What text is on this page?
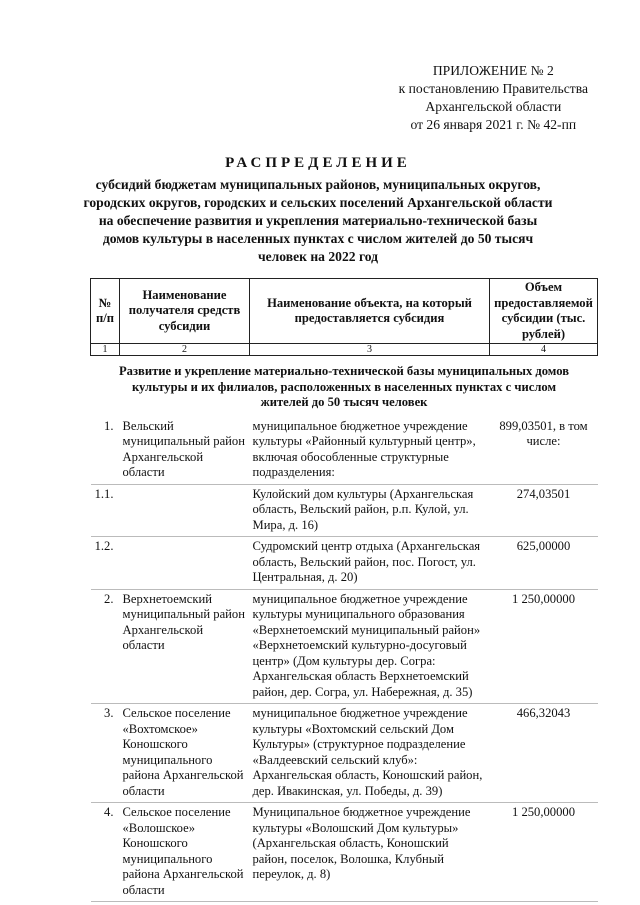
ПРИЛОЖЕНИЕ № 2
к постановлению Правительства
Архангельской области
от 26 января 2021 г. № 42-пп
РАСПРЕДЕЛЕНИЕ
субсидий бюджетам муниципальных районов, муниципальных округов, городских округов, городских и сельских поселений Архангельской области на обеспечение развития и укрепления материально-технической базы домов культуры в населенных пунктах с числом жителей до 50 тысяч человек на 2022 год
№ п/п	Наименование получателя средств субсидии	Наименование объекта, на который предоставляется субсидия	Объем предоставляемой субсидии (тыс. рублей)
1	2	3	4
Развитие и укрепление материально-технической базы муниципальных домов культуры и их филиалов, расположенных в населенных пунктах с числом жителей до 50 тысяч человек			
1.	Вельский муниципальный район Архангельской области	муниципальное бюджетное учреждение культуры «Районный культурный центр», включая обособленные структурные подразделения:	899,03501, в том числе:
1.1.		Кулойский дом культуры (Архангельская область, Вельский район, р.п. Кулой, ул. Мира, д. 16)	274,03501
1.2.		Судромский центр отдыха (Архангельская область, Вельский район, пос. Погост, ул. Центральная, д. 20)	625,00000
2.	Верхнетоемский муниципальный район Архангельской области	муниципальное бюджетное учреждение культуры муниципального образования «Верхнетоемский муниципальный район» «Верхнетоемский культурно-досуговый центр» (Дом культуры дер. Согра: Архангельская область Верхнетоемский район, дер. Согра, ул. Набережная, д. 35)	1 250,00000
3.	Сельское поселение «Вохтомское» Коношского муниципального района Архангельской области	муниципальное бюджетное учреждение культуры «Вохтомский сельский Дом Культуры» (структурное подразделение «Валдеевский сельский клуб»: Архангельская область, Коношский район, дер. Ивакинская, ул. Победы, д. 39)	466,32043
4.	Сельское поселение «Волошское» Коношского муниципального района Архангельской области	Муниципальное бюджетное учреждение культуры «Волошский Дом культуры» (Архангельская область, Коношский район, поселок, Волошка, Клубный переулок, д. 8)	1 250,00000
